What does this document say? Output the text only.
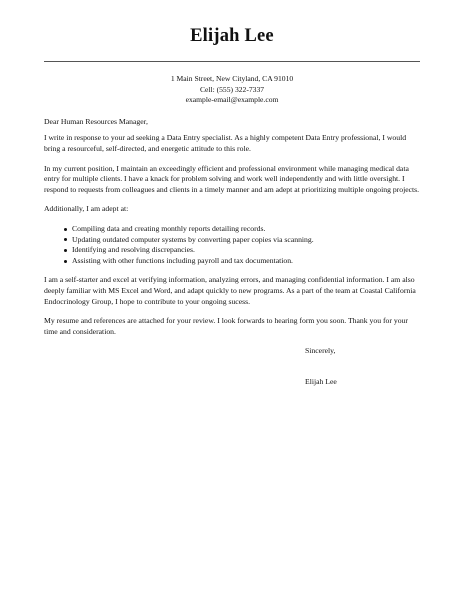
Elijah Lee
1 Main Street, New Cityland, CA 91010
Cell: (555) 322-7337
example-email@example.com

Dear Human Resources Manager,

I write in response to your ad seeking a Data Entry specialist. As a highly competent Data Entry professional, I would bring a resourceful, self-directed, and energetic attitude to this role.

In my current position, I maintain an exceedingly efficient and professional environment while managing medical data entry for multiple clients. I have a knack for problem solving and work well independently and with little oversight. I respond to requests from colleagues and clients in a timely manner and am adept at prioritizing multiple ongoing projects.

Additionally, I am adept at:

Compiling data and creating monthly reports detailing records.
Updating outdated computer systems by converting paper copies via scanning.
Identifying and resolving discrepancies.
Assisting with other functions including payroll and tax documentation.

I am a self-starter and excel at verifying information, analyzing errors, and managing confidential information. I am also deeply familiar with MS Excel and Word, and adapt quickly to new programs. As a part of the team at Coastal California Endocrinology Group, I hope to contribute to your ongoing sucess.

My resume and references are attached for your review. I look forwards to hearing form you soon. Thank you for your time and consideration.

Sincerely,
Elijah Lee
